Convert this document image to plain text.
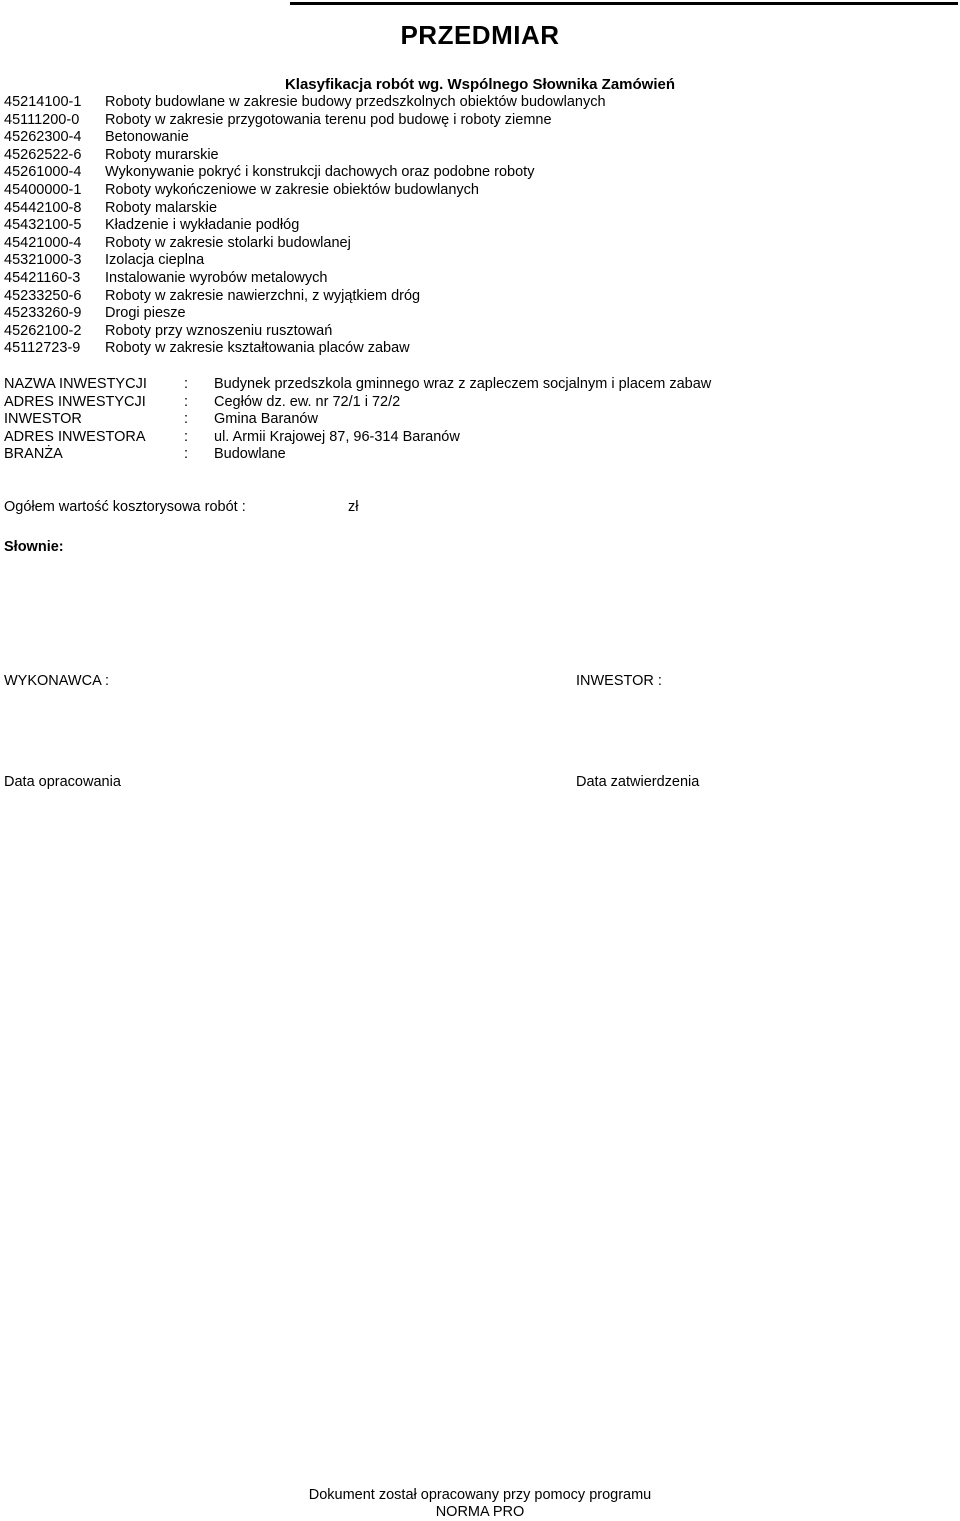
PRZEDMIAR
Klasyfikacja robót wg. Wspólnego Słownika Zamówień
45214100-1	Roboty budowlane w zakresie budowy przedszkolnych obiektów budowlanych
45111200-0	Roboty w zakresie przygotowania terenu pod budowę i roboty ziemne
45262300-4	Betonowanie
45262522-6	Roboty murarskie
45261000-4	Wykonywanie pokryć i konstrukcji dachowych oraz podobne roboty
45400000-1	Roboty wykończeniowe w zakresie obiektów budowlanych
45442100-8	Roboty malarskie
45432100-5	Kładzenie i wykładanie podłóg
45421000-4	Roboty w zakresie stolarki budowlanej
45321000-3	Izolacja cieplna
45421160-3	Instalowanie wyrobów metalowych
45233250-6	Roboty w zakresie nawierzchni, z wyjątkiem dróg
45233260-9	Drogi piesze
45262100-2	Roboty przy wznoszeniu rusztowań
45112723-9	Roboty w zakresie kształtowania placów zabaw
NAZWA INWESTYCJI	:	Budynek przedszkola gminnego wraz z zapleczem socjalnym i placem zabaw
ADRES INWESTYCJI	:	Cegłów dz. ew. nr 72/1 i 72/2
INWESTOR	:	Gmina Baranów
ADRES INWESTORA	:	ul. Armii Krajowej 87, 96-314 Baranów
BRANŻA	:	Budowlane
Ogółem wartość kosztorysowa robót :	zł
Słownie:
WYKONAWCA :	INWESTOR :
Data opracowania	Data zatwierdzenia
Dokument został opracowany przy pomocy programu
NORMA PRO
